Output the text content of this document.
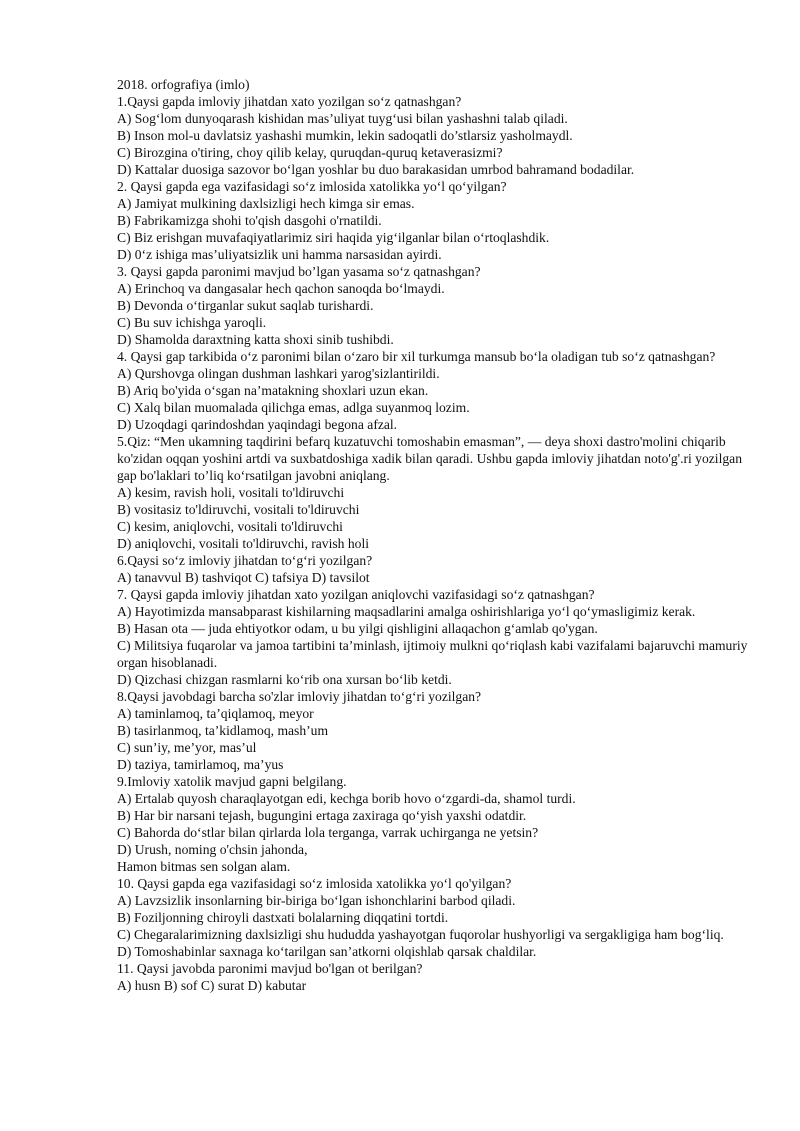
2018. orfografiya (imlo)
1.Qaysi gapda imloviy jihatdan xato yozilgan so‘z qatnashgan?
A) Sog‘lom dunyoqarash kishidan mas’uliyat tuyg‘usi bilan yashashni talab qiladi.
B) Inson mol-u davlatsiz yashashi mumkin, lekin sadoqatli do’stlarsiz yasholmaydl.
C) Birozgina o'tiring, choy qilib kelay, quruqdan-quruq ketaverasizmi?
D) Kattalar duosiga sazovor bo‘lgan yoshlar bu duo barakasidan umrbod bahramand bodadilar.
2. Qaysi gapda ega vazifasidagi so‘z imlosida xatolikka yo‘l qo‘yilgan?
A) Jamiyat mulkining daxlsizligi hech kimga sir emas.
B) Fabrikamizga shohi to'qish dasgohi o'rnatildi.
C) Biz erishgan muvafaqiyatlarimiz siri haqida yig‘ilganlar bilan o‘rtoqlashdik.
D) 0‘z ishiga mas’uliyatsizlik uni hamma narsasidan ayirdi.
3. Qaysi gapda paronimi mavjud bo’lgan yasama so‘z qatnashgan?
A) Erinchoq va dangasalar hech qachon sanoqda bo‘lmaydi.
B) Devonda o‘tirganlar sukut saqlab turishardi.
C) Bu suv ichishga yaroqli.
D) Shamolda daraxtning katta shoxi sinib tushibdi.
4. Qaysi gap tarkibida o‘z paronimi bilan o‘zaro bir xil turkumga mansub bo‘la oladigan tub so‘z qatnashgan?
A) Qurshovga olingan dushman lashkari yarog'sizlantirildi.
B) Ariq bo'yida o‘sgan na’matakning shoxlari uzun ekan.
C) Xalq bilan muomalada qilichga emas, adlga suyanmoq lozim.
D) Uzoqdagi qarindoshdan yaqindagi begona afzal.
5.Qiz: “Men ukamning taqdirini befarq kuzatuvchi tomoshabin emasman”, — deya shoxi dastro'molini chiqarib ko'zidan oqqan yoshini artdi va suxbatdoshiga xadik bilan qaradi. Ushbu gapda imloviy jihatdan noto'g'.ri yozilgan gap bo'laklari to’liq ko‘rsatilgan javobni aniqlang.
A) kesim, ravish holi, vositali to'ldiruvchi
B) vositasiz to'ldiruvchi, vositali to'ldiruvchi
C) kesim, aniqlovchi, vositali to'ldiruvchi
D) aniqlovchi, vositali to'ldiruvchi, ravish holi
6.Qaysi so‘z imloviy jihatdan to‘g‘ri yozilgan?
A) tanavvul B) tashviqot C) tafsiya D) tavsilot
7. Qaysi gapda imloviy jihatdan xato yozilgan aniqlovchi vazifasidagi so‘z qatnashgan?
A) Hayotimizda mansabparast kishilarning maqsadlarini amalga oshirishlariga yo‘l qo‘ymasligimiz kerak.
B) Hasan ota — juda ehtiyotkor odam, u bu yilgi qishligini allaqachon g‘amlab qo'ygan.
C) Militsiya fuqarolar va jamoa tartibini ta’minlash, ijtimoiy mulkni qo‘riqlash kabi vazifalami bajaruvchi mamuriy organ hisoblanadi.
D) Qizchasi chizgan rasmlarni ko‘rib ona xursan bo‘lib ketdi.
8.Qaysi javobdagi barcha so'zlar imloviy jihatdan to‘g‘ri yozilgan?
A) taminlamoq, ta’qiqlamoq, meyor
B) tasirlanmoq, ta’kidlamoq, mash’um
C) sun’iy, me’yor, mas’ul
D) taziya, tamirlamoq, ma’yus
9.Imloviy xatolik mavjud gapni belgilang.
A) Ertalab quyosh charaqlayotgan edi, kechga borib hovo o‘zgardi-da, shamol turdi.
B) Har bir narsani tejash, bugungini ertaga zaxiraga qo‘yish yaxshi odatdir.
C) Bahorda do‘stlar bilan qirlarda lola terganga, varrak uchirganga ne yetsin?
D) Urush, noming o'chsin jahonda,
Hamon bitmas sen solgan alam.
10. Qaysi gapda ega vazifasidagi so‘z imlosida xatolikka yo‘l qo'yilgan?
A) Lavzsizlik insonlarning bir-biriga bo‘lgan ishonchlarini barbod qiladi.
B) Foziljonning chiroyli dastxati bolalarning diqqatini tortdi.
C) Chegaralarimizning daxlsizligi shu hududda yashayotgan fuqorolar hushyorligi va sergakligiga ham bog‘liq.
D) Tomoshabinlar saxnaga ko‘tarilgan san’atkorni olqishlab qarsak chaldilar.
11. Qaysi javobda paronimi mavjud bo'lgan ot berilgan?
A) husn B) sof C) surat D) kabutar
